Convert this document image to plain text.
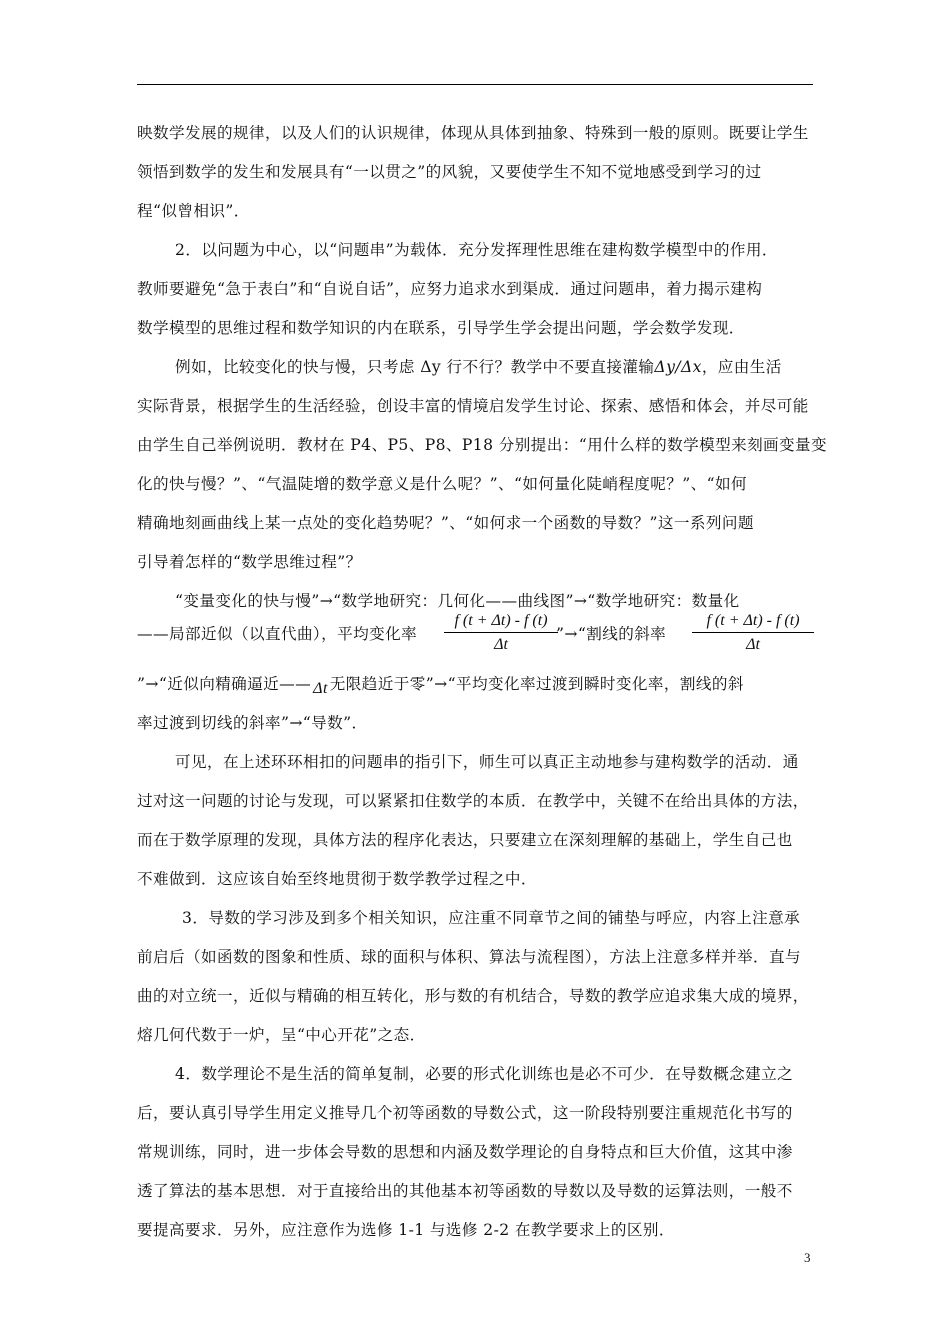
映数学发展的规律，以及人们的认识规律，体现从具体到抽象、特殊到一般的原则。既要让学生
领悟到数学的发生和发展具有“一以贯之”的风貌，又要使学生不知不觉地感受到学习的过
程“似曾相识”．
2．以问题为中心，以“问题串”为载体．充分发挥理性思维在建构数学模型中的作用．
教师要避免“急于表白”和“自说自话”，应努力追求水到渠成．通过问题串，着力揭示建构
数学模型的思维过程和数学知识的内在联系，引导学生学会提出问题，学会数学发现．
例如，比较变化的快与慢，只考虑 Δy 行不行？教学中不要直接灌输Δy/Δx，应由生活
实际背景，根据学生的生活经验，创设丰富的情境启发学生讨论、探索、感悟和体会，并尽可能
由学生自己举例说明．教材在 P4、P5、P8、P18 分别提出：“用什么样的数学模型来刻画变量变
化的快与慢？”、“气温陡增的数学意义是什么呢？”、“如何量化陡峭程度呢？”、“如何
精确地刻画曲线上某一点处的变化趋势呢？”、“如何求一个函数的导数？”这一系列问题
引导着怎样的“数学思维过程”？
“变量变化的快与慢”→“数学地研究：几何化——曲线图”→“数学地研究：数量化
——局部近似（以直代曲），平均变化率
f (t + Δt) - f (t)
Δt
”→“割线的斜率
f (t + Δt) - f (t)
Δt
”→“近似向精确逼近—— Δt 无限趋近于零”→“平均变化率过渡到瞬时变化率，割线的斜
率过渡到切线的斜率”→“导数”．
可见，在上述环环相扣的问题串的指引下，师生可以真正主动地参与建构数学的活动．通
过对这一问题的讨论与发现，可以紧紧扣住数学的本质．在教学中，关键不在给出具体的方法，
而在于数学原理的发现，具体方法的程序化表达，只要建立在深刻理解的基础上，学生自己也
不难做到．这应该自始至终地贯彻于数学教学过程之中．
3．导数的学习涉及到多个相关知识，应注重不同章节之间的铺垫与呼应，内容上注意承
前启后（如函数的图象和性质、球的面积与体积、算法与流程图），方法上注意多样并举．直与
曲的对立统一，近似与精确的相互转化，形与数的有机结合，导数的教学应追求集大成的境界，
熔几何代数于一炉，呈“中心开花”之态．
4．数学理论不是生活的简单复制，必要的形式化训练也是必不可少．在导数概念建立之
后，要认真引导学生用定义推导几个初等函数的导数公式，这一阶段特别要注重规范化书写的
常规训练，同时，进一步体会导数的思想和内涵及数学理论的自身特点和巨大价值，这其中渗
透了算法的基本思想．对于直接给出的其他基本初等函数的导数以及导数的运算法则，一般不
要提高要求．另外，应注意作为选修 1-1 与选修 2-2 在教学要求上的区别．
3
